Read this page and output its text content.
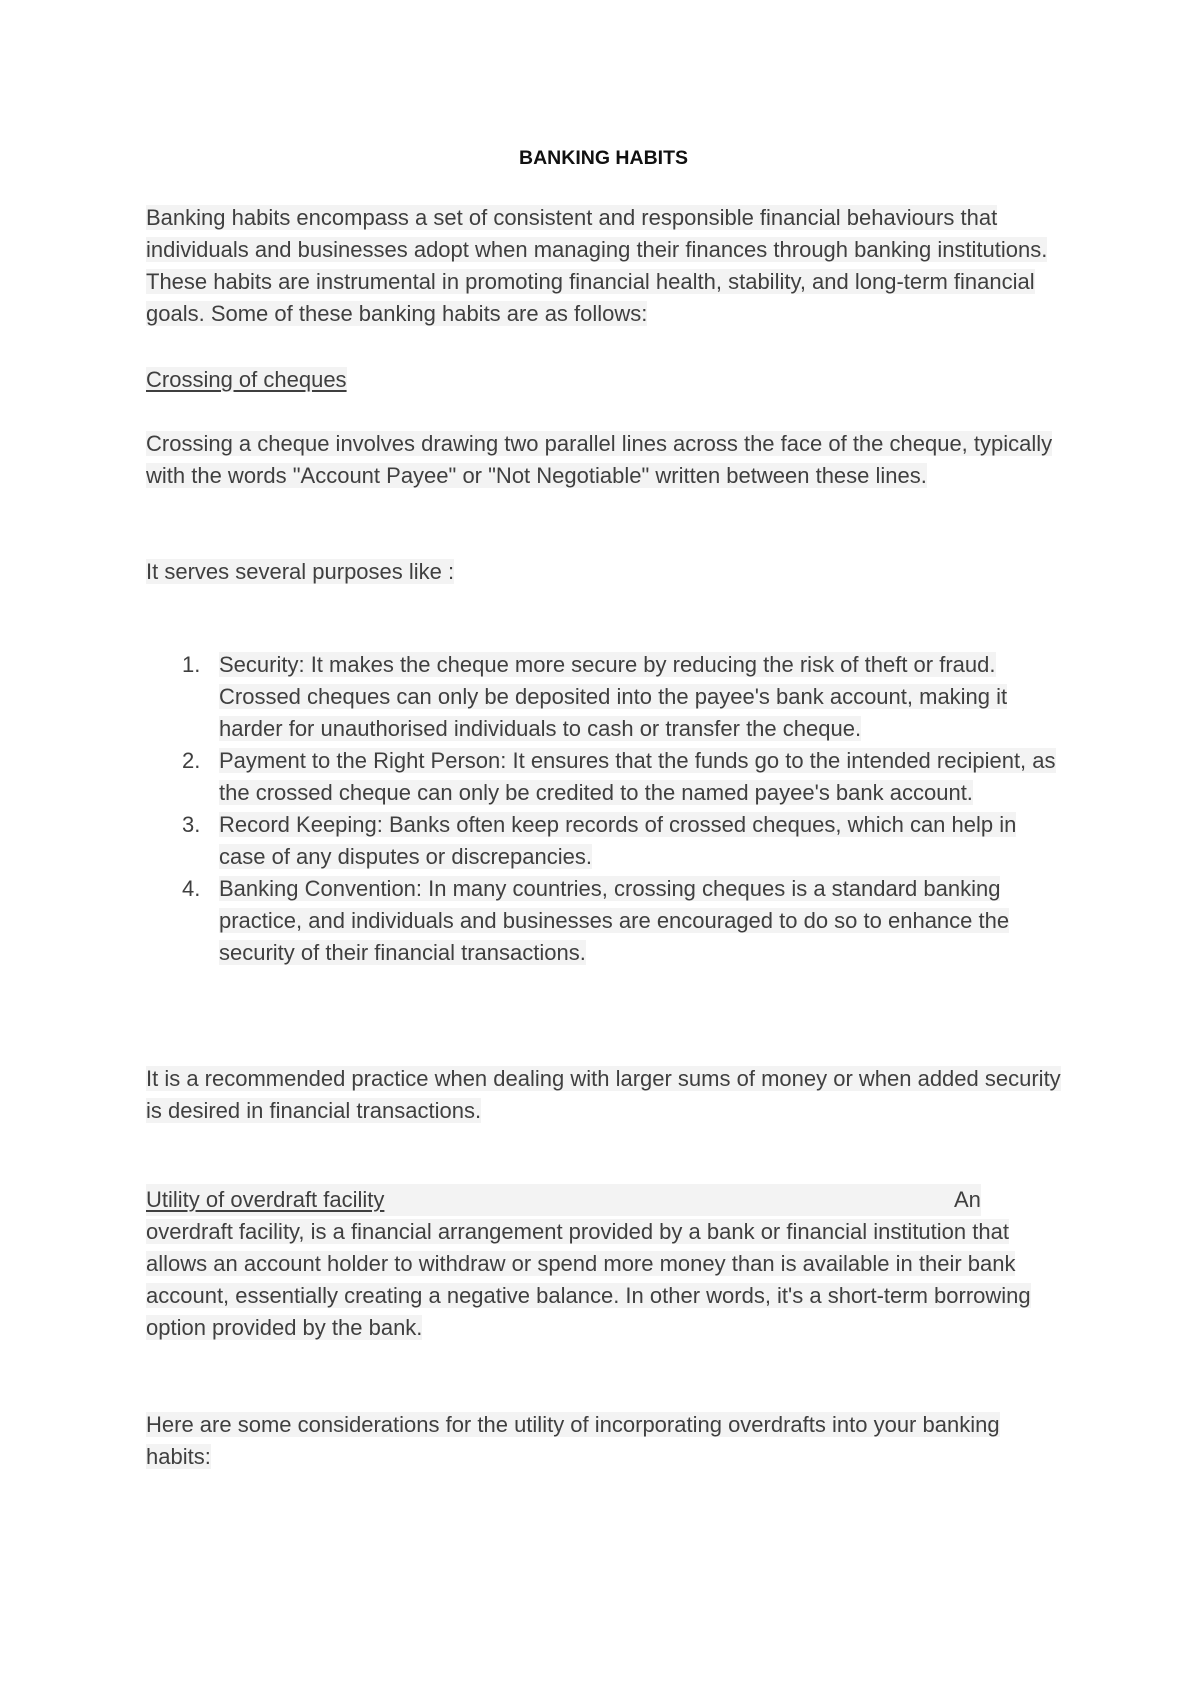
BANKING HABITS

Banking habits encompass a set of consistent and responsible financial behaviours that individuals and businesses adopt when managing their finances through banking institutions. These habits are instrumental in promoting financial health, stability, and long-term financial goals. Some of these banking habits are as follows:

Crossing of cheques

Crossing a cheque involves drawing two parallel lines across the face of the cheque, typically with the words "Account Payee" or "Not Negotiable" written between these lines.

It serves several purposes like :

1. Security: It makes the cheque more secure by reducing the risk of theft or fraud. Crossed cheques can only be deposited into the payee's bank account, making it harder for unauthorised individuals to cash or transfer the cheque.
2. Payment to the Right Person: It ensures that the funds go to the intended recipient, as the crossed cheque can only be credited to the named payee's bank account.
3. Record Keeping: Banks often keep records of crossed cheques, which can help in case of any disputes or discrepancies.
4. Banking Convention: In many countries, crossing cheques is a standard banking practice, and individuals and businesses are encouraged to do so to enhance the security of their financial transactions.

It is a recommended practice when dealing with larger sums of money or when added security is desired in financial transactions.

Utility of overdraft facility	An

overdraft facility, is a financial arrangement provided by a bank or financial institution that allows an account holder to withdraw or spend more money than is available in their bank account, essentially creating a negative balance. In other words, it's a short-term borrowing option provided by the bank.

Here are some considerations for the utility of incorporating overdrafts into your banking habits:
